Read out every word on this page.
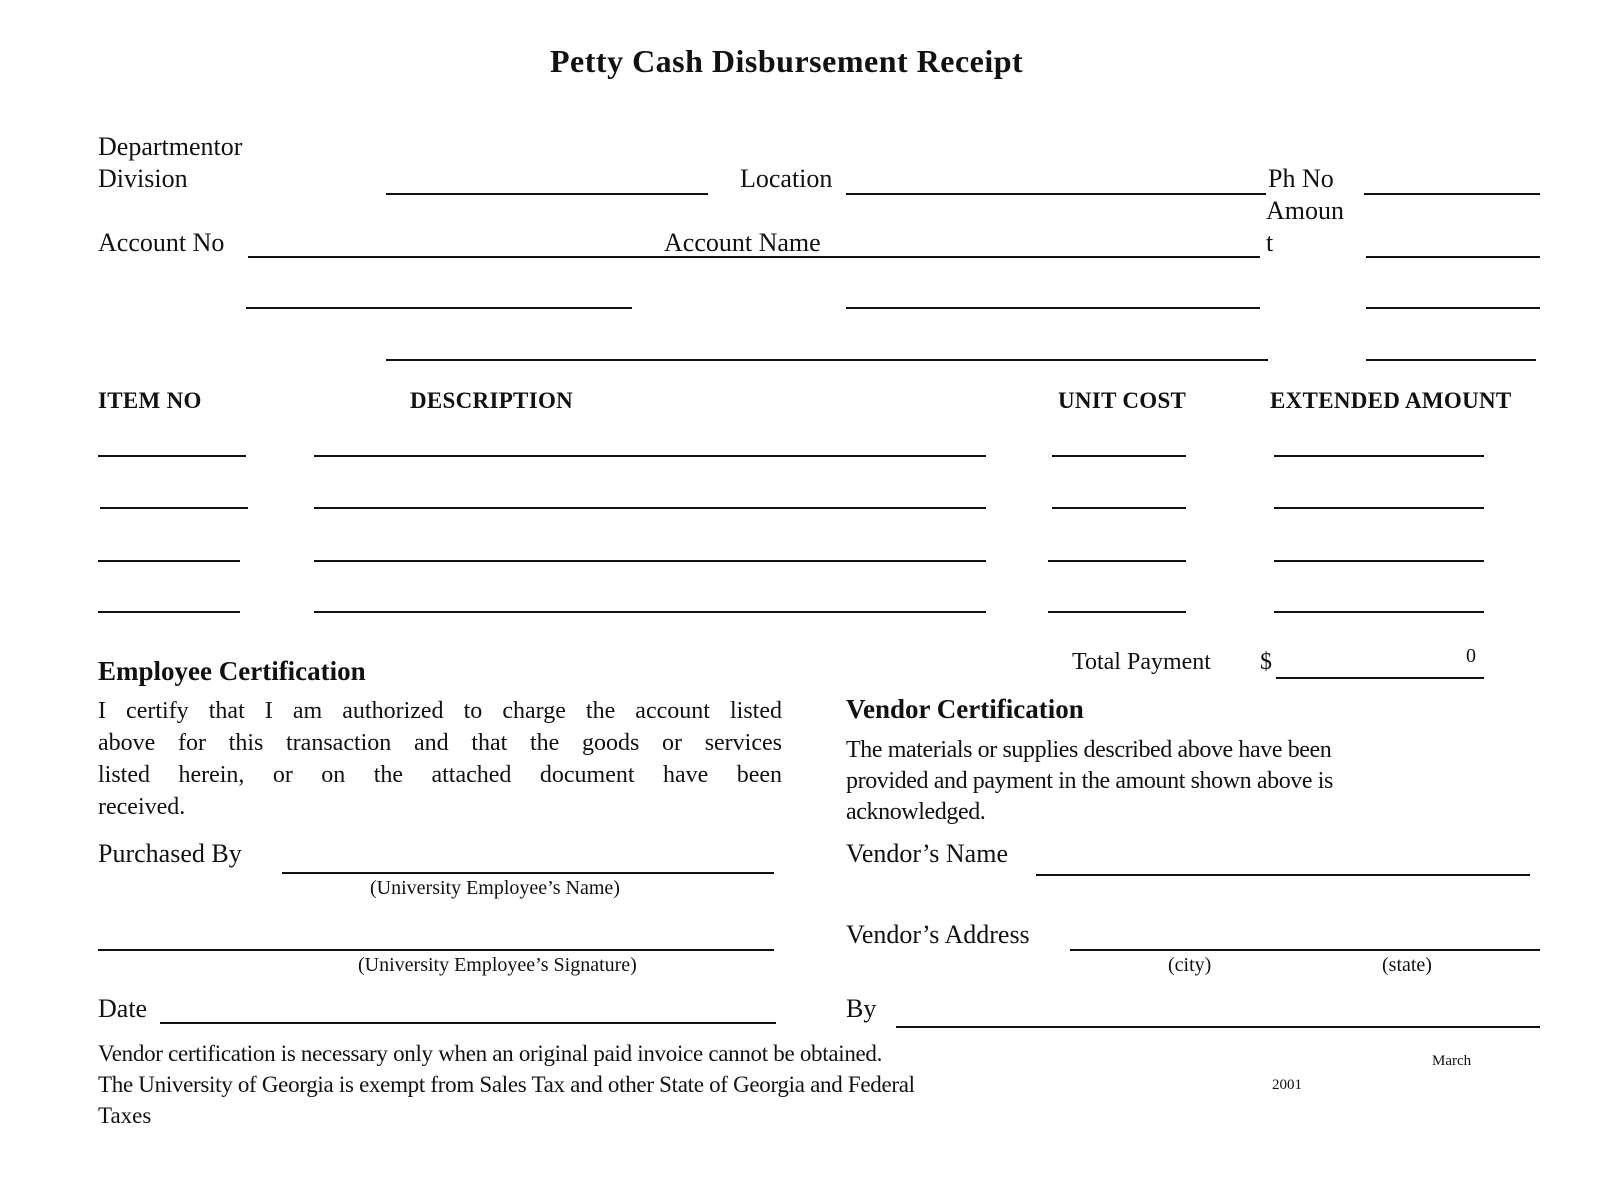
Petty Cash Disbursement Receipt
Departmentor
Division	Location	Ph No
Account No	Account Name
Amoun
t
ITEM NO	DESCRIPTION	UNIT COST	EXTENDED AMOUNT
Total Payment $	0
Employee Certification
I certify that I am authorized to charge the account listed
above for this transaction and that the goods or services
listed herein, or on the attached document have been
received.
Purchased By
(University Employee’s Name)
(University Employee’s Signature)
Date
Vendor Certification
The materials or supplies described above have been
provided and payment in the amount shown above is
acknowledged.
Vendor’s Name
Vendor’s Address
(city)	(state)
By
Vendor certification is necessary only when an original paid invoice cannot be obtained.
The University of Georgia is exempt from Sales Tax and other State of Georgia and Federal
Taxes
March
2001
